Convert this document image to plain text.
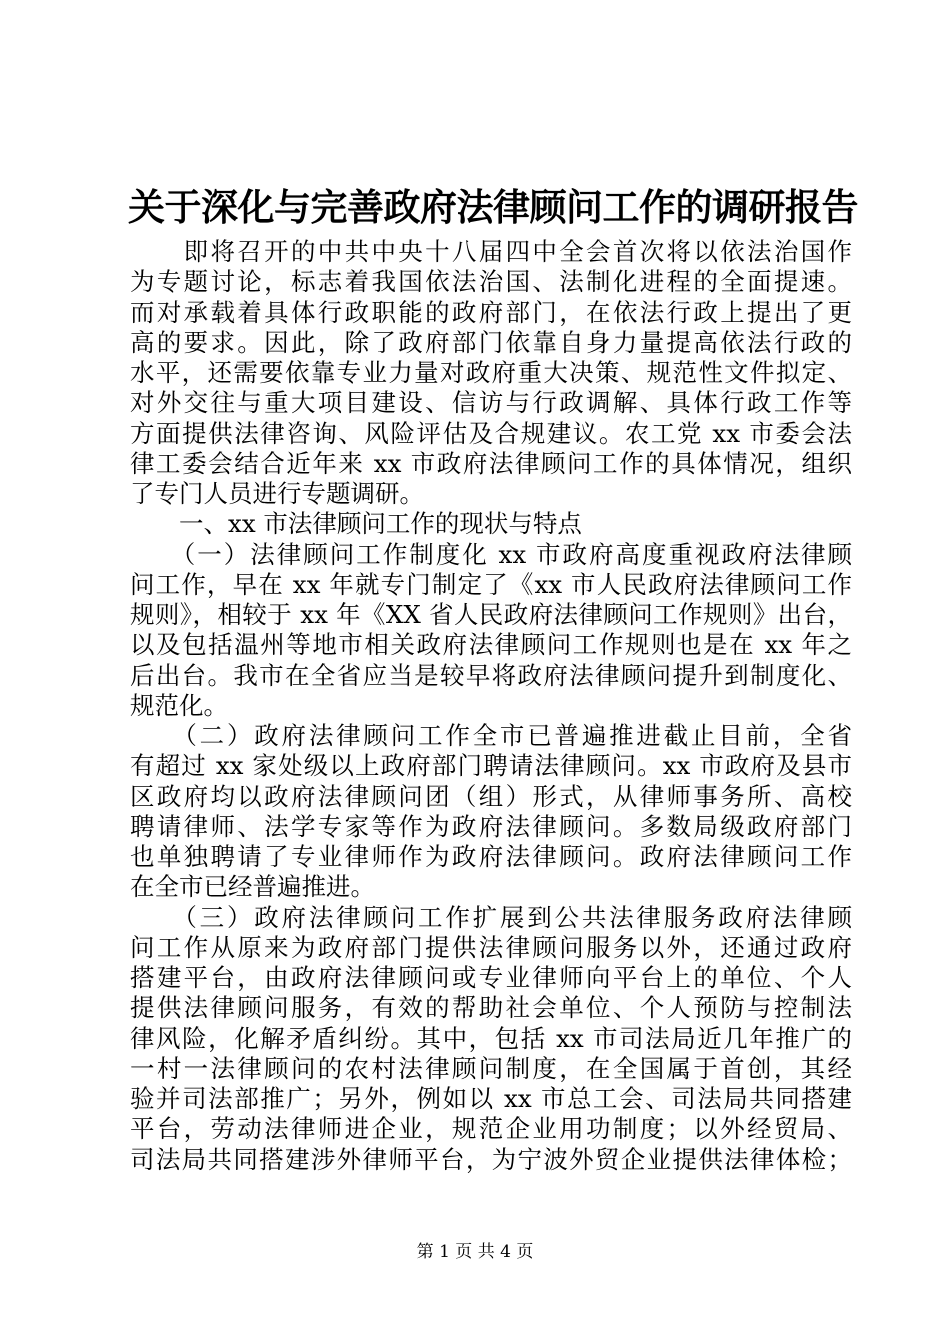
关于深化与完善政府法律顾问工作的调研报告
　　即将召开的中共中央十八届四中全会首次将以依法治国作
为专题讨论，标志着我国依法治国、法制化进程的全面提速。
而对承载着具体行政职能的政府部门，在依法行政上提出了更
高的要求。因此，除了政府部门依靠自身力量提高依法行政的
水平，还需要依靠专业力量对政府重大决策、规范性文件拟定、
对外交往与重大项目建设、信访与行政调解、具体行政工作等
方面提供法律咨询、风险评估及合规建议。农工党 xx 市委会法
律工委会结合近年来 xx 市政府法律顾问工作的具体情况，组织
了专门人员进行专题调研。
　　一、xx 市法律顾问工作的现状与特点
　　（一）法律顾问工作制度化 xx 市政府高度重视政府法律顾
问工作，早在 xx 年就专门制定了《xx 市人民政府法律顾问工作
规则》，相较于 xx 年《XX 省人民政府法律顾问工作规则》出台，
以及包括温州等地市相关政府法律顾问工作规则也是在 xx 年之
后出台。我市在全省应当是较早将政府法律顾问提升到制度化、
规范化。
　　（二）政府法律顾问工作全市已普遍推进截止目前，全省
有超过 xx 家处级以上政府部门聘请法律顾问。xx 市政府及县市
区政府均以政府法律顾问团（组）形式，从律师事务所、高校
聘请律师、法学专家等作为政府法律顾问。多数局级政府部门
也单独聘请了专业律师作为政府法律顾问。政府法律顾问工作
在全市已经普遍推进。
　　（三）政府法律顾问工作扩展到公共法律服务政府法律顾
问工作从原来为政府部门提供法律顾问服务以外，还通过政府
搭建平台，由政府法律顾问或专业律师向平台上的单位、个人
提供法律顾问服务，有效的帮助社会单位、个人预防与控制法
律风险，化解矛盾纠纷。其中，包括 xx 市司法局近几年推广的
一村一法律顾问的农村法律顾问制度，在全国属于首创，其经
验并司法部推广；另外，例如以 xx 市总工会、司法局共同搭建
平台，劳动法律师进企业，规范企业用功制度；以外经贸局、
司法局共同搭建涉外律师平台，为宁波外贸企业提供法律体检；
第 1 页 共 4 页
